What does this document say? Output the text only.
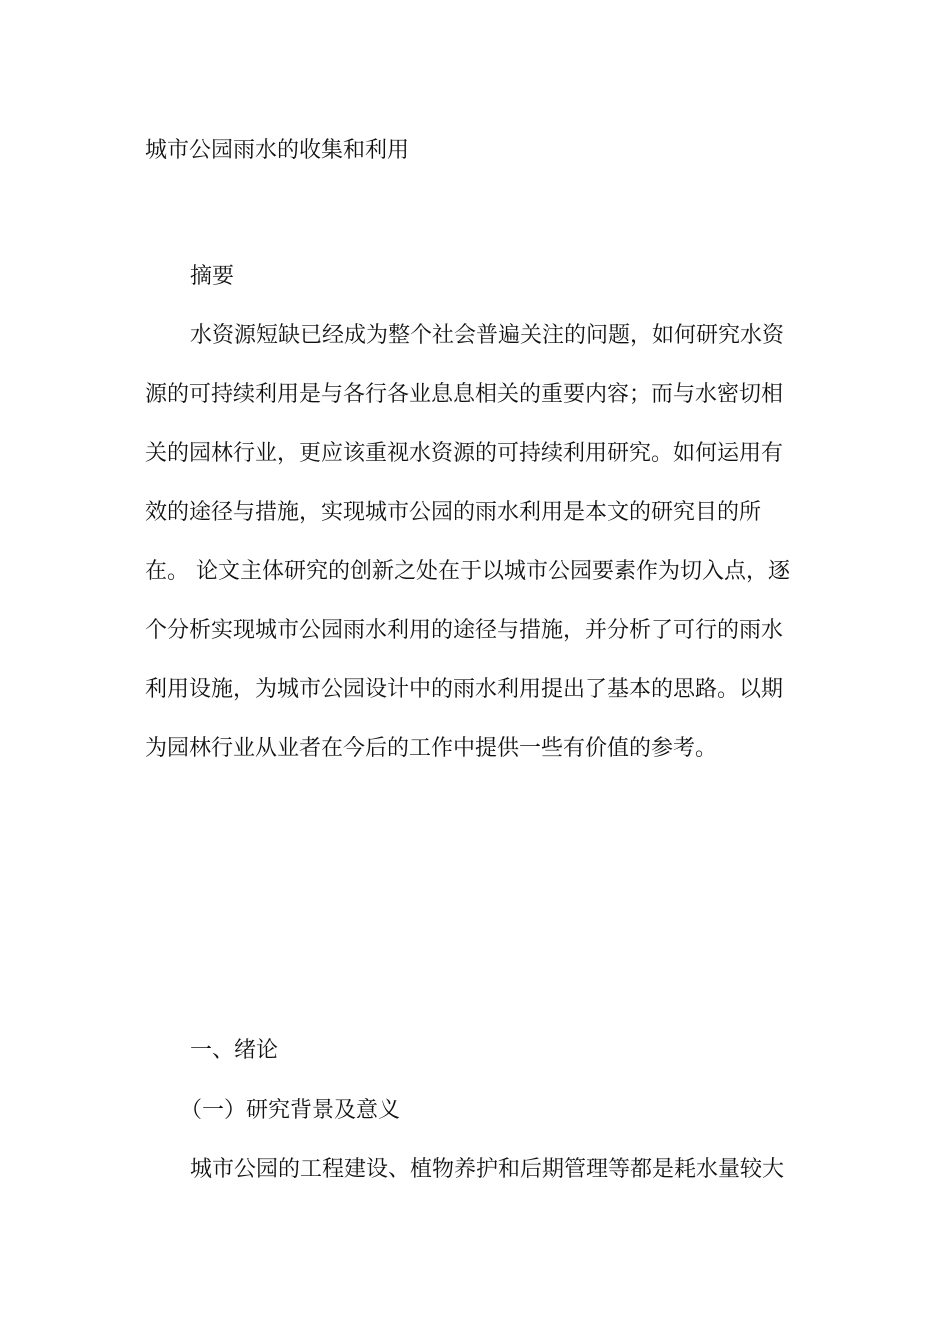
城市公园雨水的收集和利用
摘要
水资源短缺已经成为整个社会普遍关注的问题，如何研究水资
源的可持续利用是与各行各业息息相关的重要内容；而与水密切相
关的园林行业，更应该重视水资源的可持续利用研究。如何运用有
效的途径与措施，实现城市公园的雨水利用是本文的研究目的所
在。 论文主体研究的创新之处在于以城市公园要素作为切入点，逐
个分析实现城市公园雨水利用的途径与措施，并分析了可行的雨水
利用设施，为城市公园设计中的雨水利用提出了基本的思路。以期
为园林行业从业者在今后的工作中提供一些有价值的参考。
一、绪论
（一）研究背景及意义
城市公园的工程建设、植物养护和后期管理等都是耗水量较大
